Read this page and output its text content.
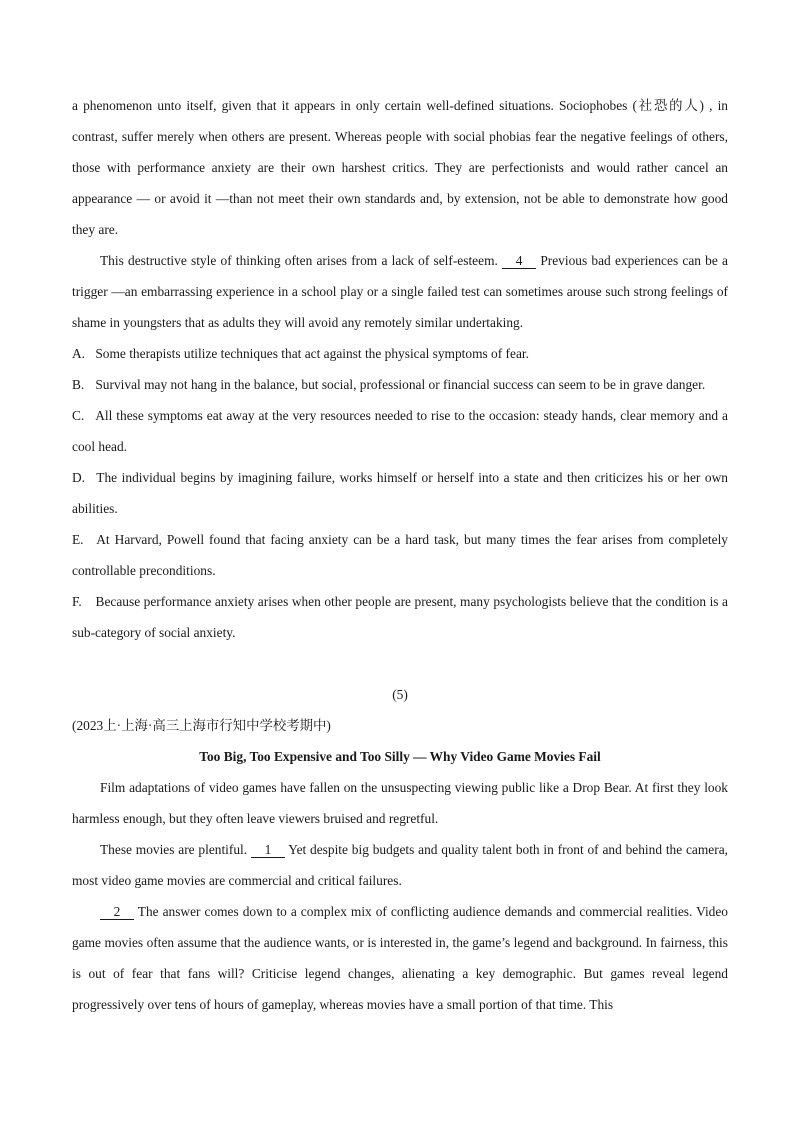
a phenomenon unto itself, given that it appears in only certain well-defined situations. Sociophobes (社恐的人) , in contrast, suffer merely when others are present. Whereas people with social phobias fear the negative feelings of others, those with performance anxiety are their own harshest critics. They are perfectionists and would rather cancel an appearance — or avoid it —than not meet their own standards and, by extension, not be able to demonstrate how good they are.

This destructive style of thinking often arises from a lack of self-esteem. 4 Previous bad experiences can be a trigger —an embarrassing experience in a school play or a single failed test can sometimes arouse such strong feelings of shame in youngsters that as adults they will avoid any remotely similar undertaking.

A. Some therapists utilize techniques that act against the physical symptoms of fear.

B. Survival may not hang in the balance, but social, professional or financial success can seem to be in grave danger.

C. All these symptoms eat away at the very resources needed to rise to the occasion: steady hands, clear memory and a cool head.

D. The individual begins by imagining failure, works himself or herself into a state and then criticizes his or her own abilities.

E. At Harvard, Powell found that facing anxiety can be a hard task, but many times the fear arises from completely controllable preconditions.

F. Because performance anxiety arises when other people are present, many psychologists believe that the condition is a sub-category of social anxiety.

(5)

(2023上·上海·高三上海市行知中学校考期中)

Too Big, Too Expensive and Too Silly — Why Video Game Movies Fail

Film adaptations of video games have fallen on the unsuspecting viewing public like a Drop Bear. At first they look harmless enough, but they often leave viewers bruised and regretful.

These movies are plentiful. 1 Yet despite big budgets and quality talent both in front of and behind the camera, most video game movies are commercial and critical failures.

2 The answer comes down to a complex mix of conflicting audience demands and commercial realities. Video game movies often assume that the audience wants, or is interested in, the game’s legend and background. In fairness, this is out of fear that fans will? Criticise legend changes, alienating a key demographic. But games reveal legend progressively over tens of hours of gameplay, whereas movies have a small portion of that time. This
